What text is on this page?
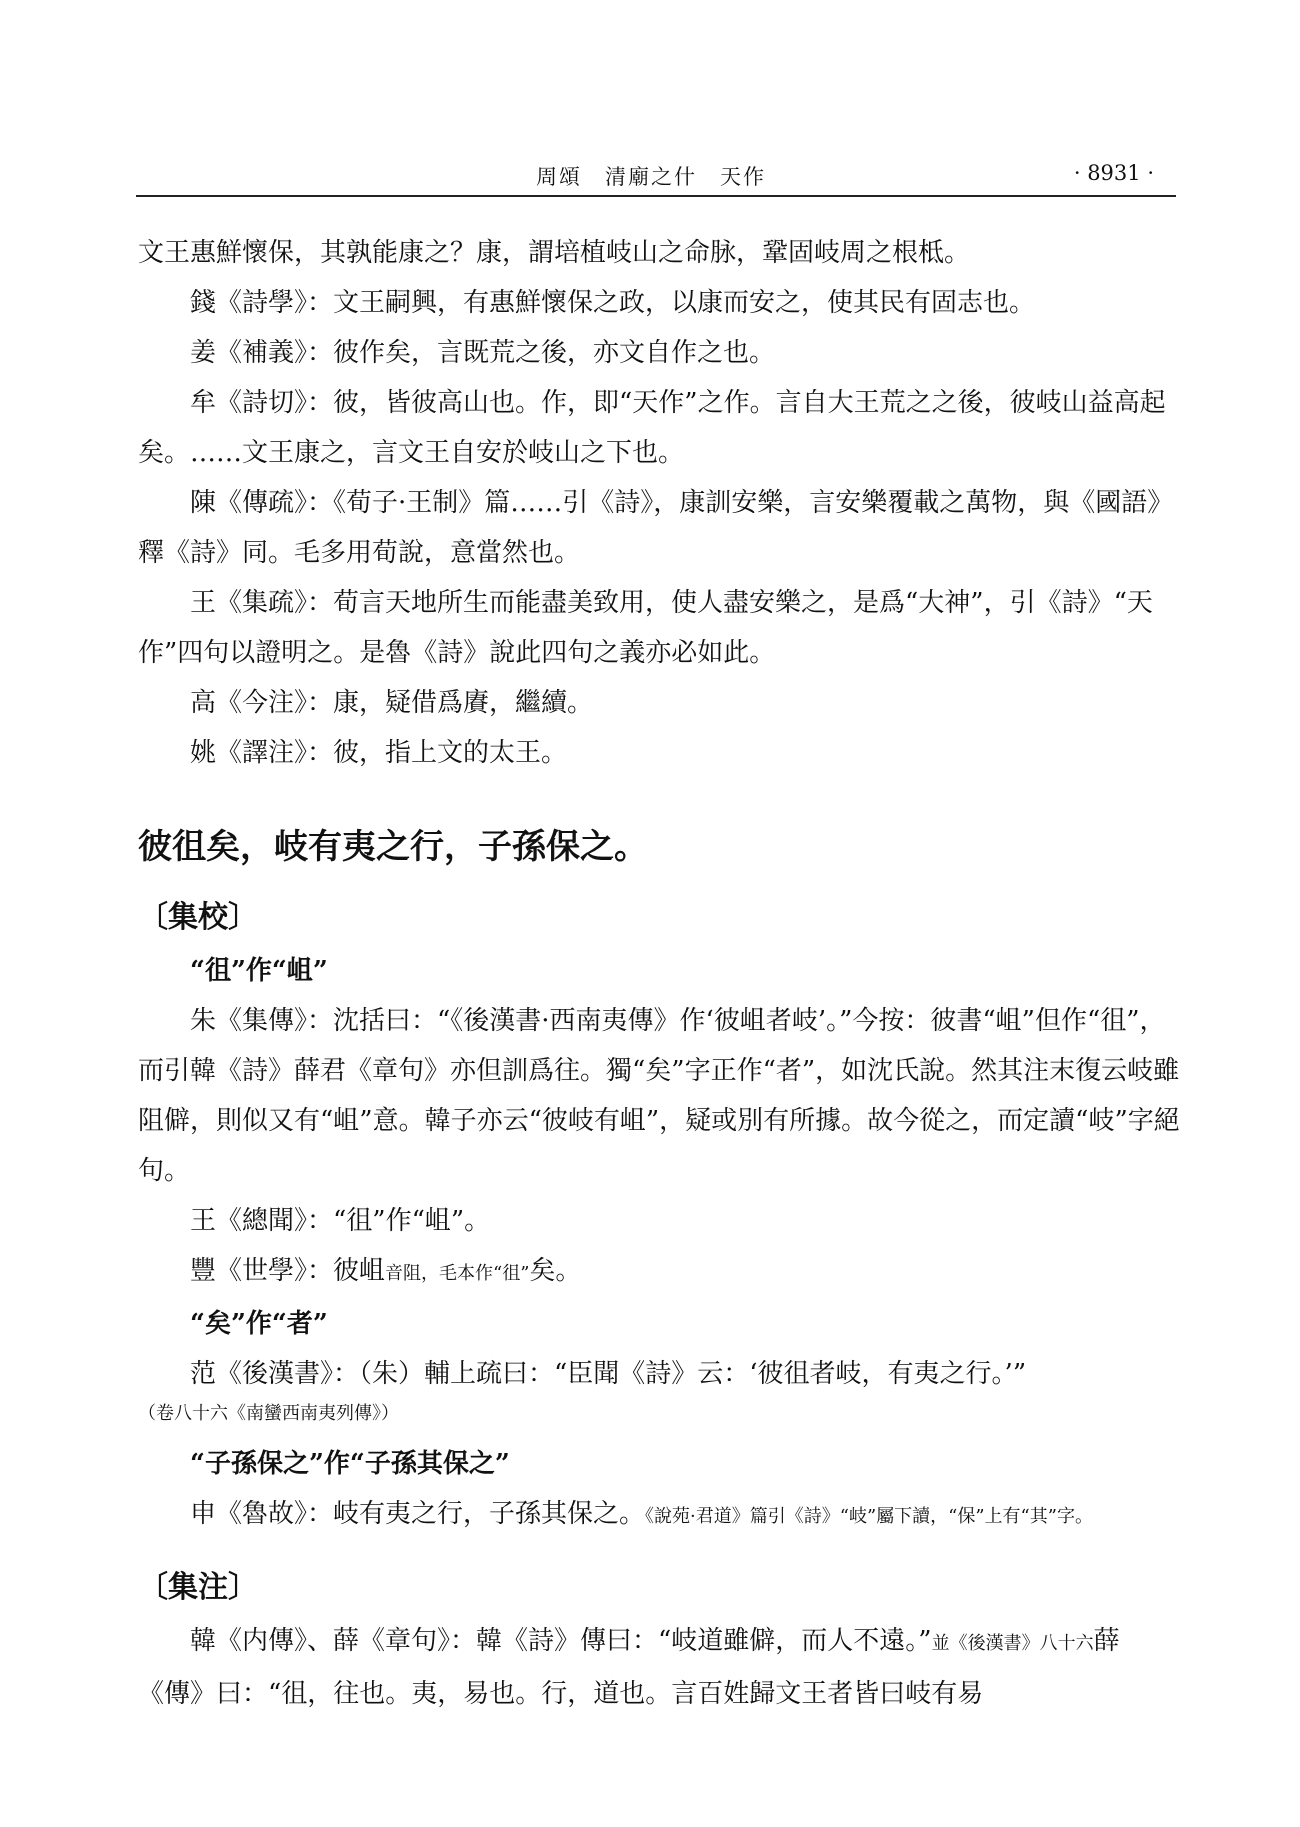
周頌　清廟之什　天作	· 8931 ·

文王惠鮮懷保，其孰能康之？康，謂培植岐山之命脉，鞏固岐周之根柢。

錢《詩學》：文王嗣興，有惠鮮懷保之政，以康而安之，使其民有固志也。

姜《補義》：彼作矣，言既荒之後，亦文自作之也。

牟《詩切》：彼，皆彼高山也。作，即“天作”之作。言自大王荒之之後，彼岐山益高起矣。……文王康之，言文王自安於岐山之下也。

陳《傳疏》：《荀子·王制》篇……引《詩》，康訓安樂，言安樂覆載之萬物，與《國語》釋《詩》同。毛多用荀說，意當然也。

王《集疏》：荀言天地所生而能盡美致用，使人盡安樂之，是爲“大神”，引《詩》“天作”四句以證明之。是魯《詩》說此四句之義亦必如此。

高《今注》：康，疑借爲賡，繼續。

姚《譯注》：彼，指上文的太王。

彼徂矣，岐有夷之行，子孫保之。
〔集校〕

“徂”作“岨”

朱《集傳》：沈括曰：“《後漢書·西南夷傳》作‘彼岨者岐’。”今按：彼書“岨”但作“徂”，而引韓《詩》薛君《章句》亦但訓爲往。獨“矣”字正作“者”，如沈氏說。然其注末復云岐雖阻僻，則似又有“岨”意。韓子亦云“彼岐有岨”，疑或別有所據。故今從之，而定讀“岐”字絕句。

王《總聞》：“徂”作“岨”。

豐《世學》：彼岨音阻，毛本作“徂”矣。

“矣”作“者”

范《後漢書》：（朱）輔上疏曰：“臣聞《詩》云：‘彼徂者岐，有夷之行。’”

（卷八十六《南蠻西南夷列傳》）

“子孫保之”作“子孫其保之”

申《魯故》：岐有夷之行，子孫其保之。《說苑·君道》篇引《詩》“岐”屬下讀，“保”上有“其”字。

〔集注〕

韓《内傳》、薛《章句》：韓《詩》傳曰：“岐道雖僻，而人不遠。”並《後漢書》八十六薛《傳》曰：“徂，往也。夷，易也。行，道也。言百姓歸文王者皆曰岐有易
